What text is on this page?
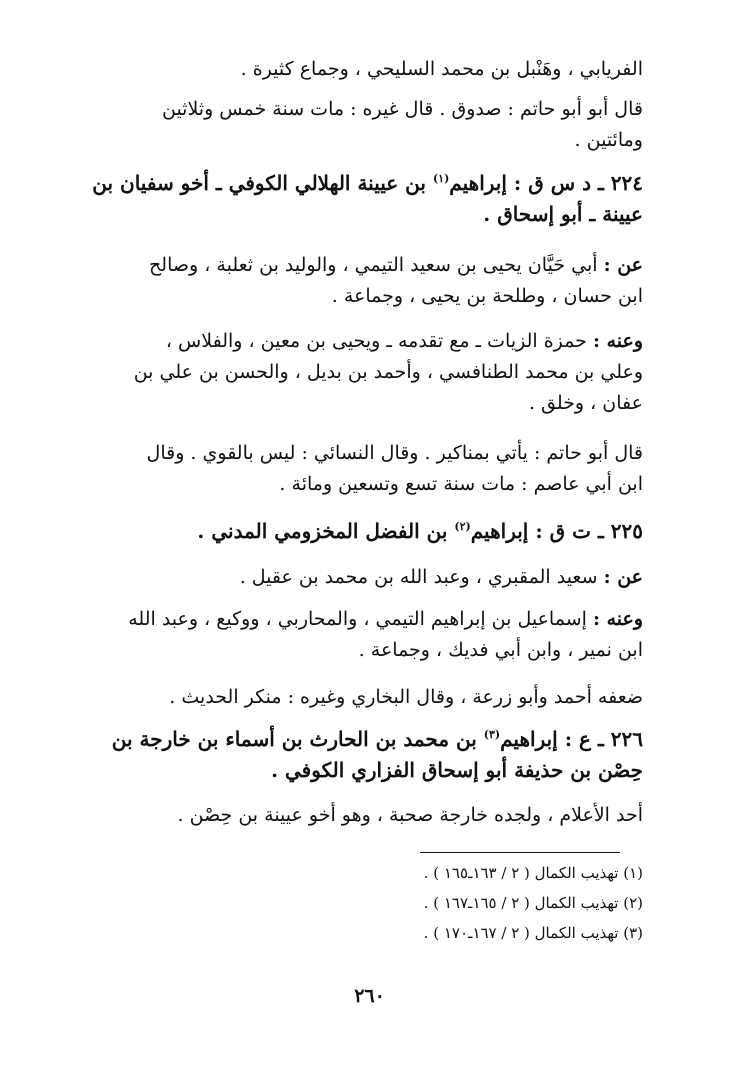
الفريابي ، وهَنْبل بن محمد السليحي ، وجماع كثيرة .
قال أبو أبو حاتم : صدوق . قال غيره : مات سنة خمس وثلاثين
ومائتين .
٢٢٤ ـ د س ق : إبراهيم$^{(١)}$ بن عيينة الهلالي الكوفي ـ أخو سفيان بن
عيينة ـ أبو إسحاق .
عن : أبي حَيَّان يحيى بن سعيد التيمي ، والوليد بن ثعلبة ، وصالح
ابن حسان ، وطلحة بن يحيى ، وجماعة .
وعنه : حمزة الزيات ـ مع تقدمه ـ ويحيى بن معين ، والفلاس ،
وعلي بن محمد الطنافسي ، وأحمد بن بديل ، والحسن بن علي بن
عفان ، وخلق .
قال أبو حاتم : يأتي بمناكير . وقال النسائي : ليس بالقوي . وقال
ابن أبي عاصم : مات سنة تسع وتسعين ومائة .
٢٢٥ ـ ت ق : إبراهيم$^{(٢)}$ بن الفضل المخزومي المدني .
عن : سعيد المقبري ، وعبد الله بن محمد بن عقيل .
وعنه : إسماعيل بن إبراهيم التيمي ، والمحاربي ، ووكيع ، وعبد الله
ابن نمير ، وابن أبي فديك ، وجماعة .
ضعفه أحمد وأبو زرعة ، وقال البخاري وغيره : منكر الحديث .
٢٢٦ ـ ع : إبراهيم$^{(٣)}$ بن محمد بن الحارث بن أسماء بن خارجة بن
حِصْن بن حذيفة أبو إسحاق الفزاري الكوفي .
أحد الأعلام ، ولجده خارجة صحبة ، وهو أخو عيينة بن حِصْن .
(١) تهذيب الكمال ( ٢ / ١٦٣ـ١٦٥ ) .
(٢) تهذيب الكمال ( ٢ / ١٦٥ـ١٦٧ ) .
(٣) تهذيب الكمال ( ٢ / ١٦٧ـ١٧٠ ) .
٢٦٠
